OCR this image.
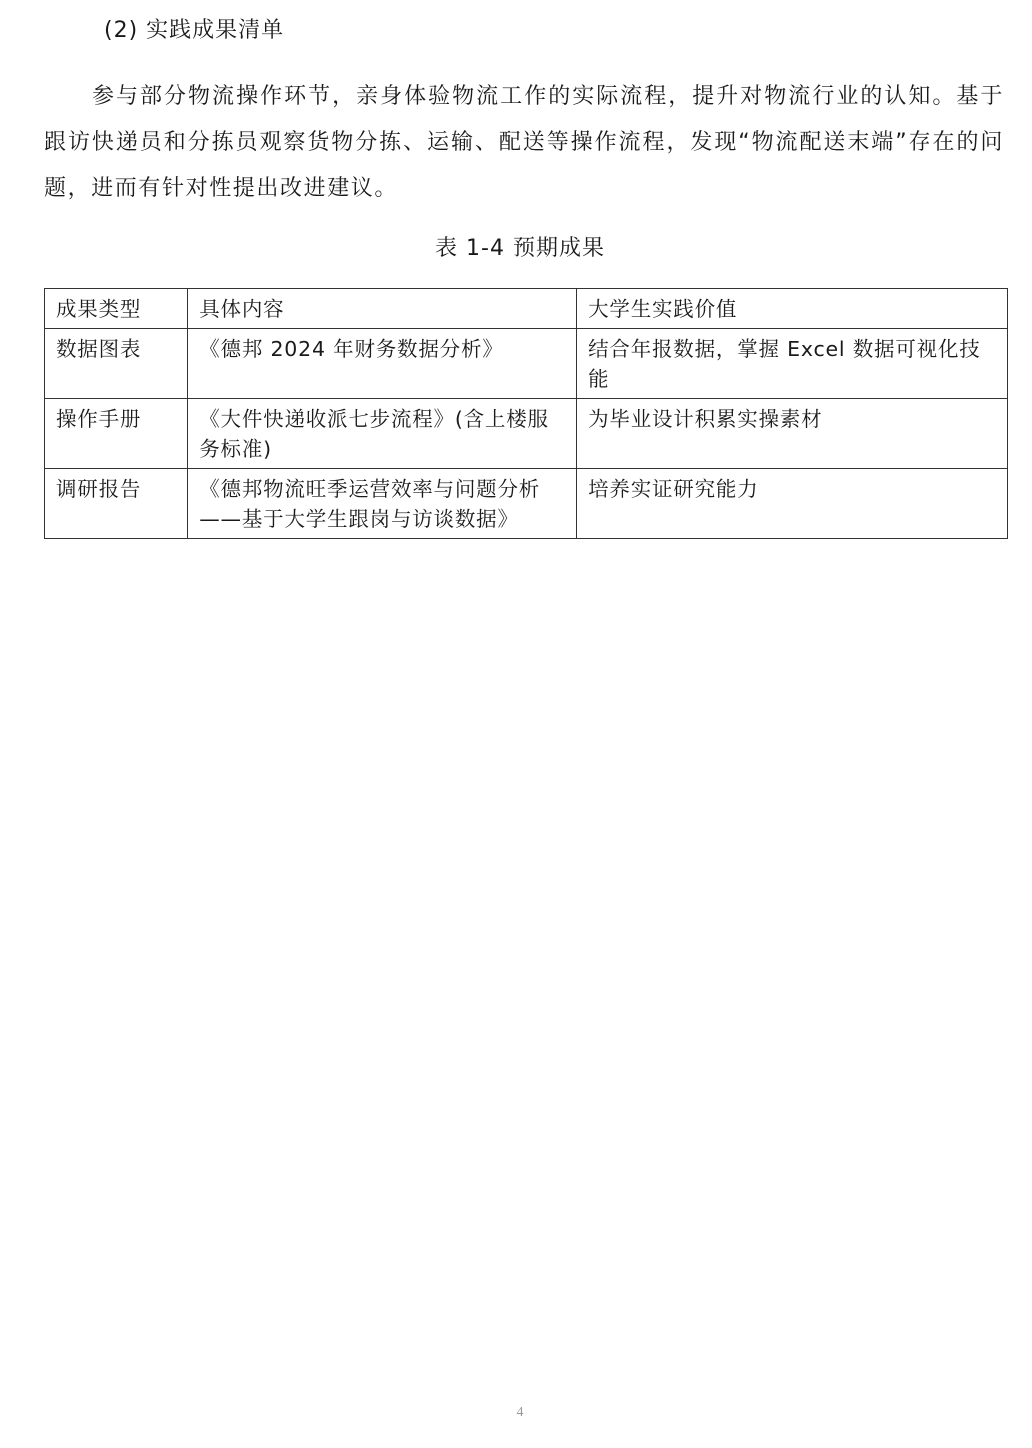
(2) 实践成果清单

参与部分物流操作环节，亲身体验物流工作的实际流程，提升对物流行业的认知。基于跟访快递员和分拣员观察货物分拣、运输、配送等操作流程，发现“物流配送末端”存在的问题，进而有针对性提出改进建议。

表 1-4 预期成果
成果类型	具体内容	大学生实践价值
数据图表	《德邦 2024 年财务数据分析》	结合年报数据，掌握 Excel 数据可视化技能
操作手册	《大件快递收派七步流程》(含上楼服务标准)	为毕业设计积累实操素材
调研报告	《德邦物流旺季运营效率与问题分析——基于大学生跟岗与访谈数据》	培养实证研究能力
4
